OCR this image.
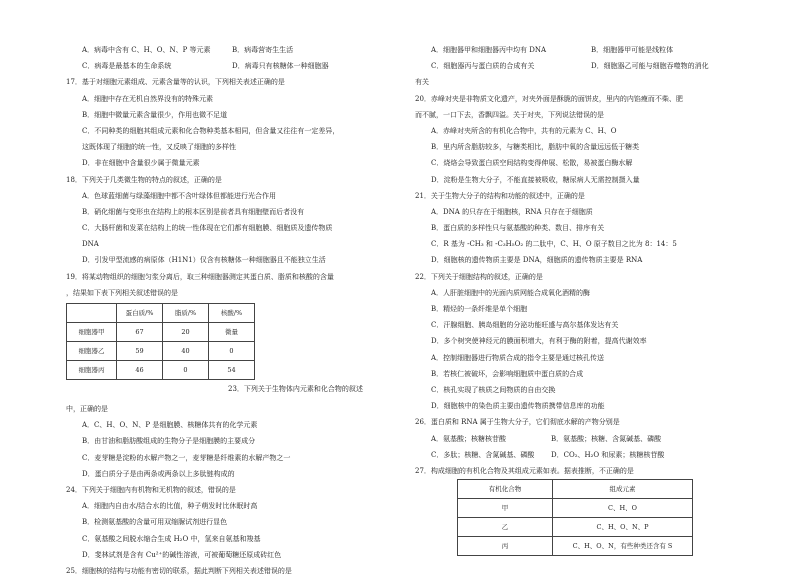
A．病毒中含有 C、H、O、N、P 等元素	B．病毒营寄生生活
C．病毒是最基本的生命系统	D．病毒只有核糖体一种细胞器
17．基于对细胞元素组成、元素含量等的认识，下列相关表述正确的是
A．细胞中存在无机自然界没有的特殊元素
B．细胞中微量元素含量很少，作用也微不足道
C．不同种类的细胞其组成元素和化合物种类基本相同，但含量又往往有一定差异，
这既体现了细胞的统一性，又反映了细胞的多样性
D．非在细胞中含量很少属于微量元素
18．下列关于几类微生物的特点的叙述，正确的是
A．色球蓝细菌与绿藻细胞中都不含叶绿体但都能进行光合作用
B．硝化细菌与变形虫在结构上的根本区别是前者具有细胞壁而后者没有
C．大肠杆菌和发菜在结构上的统一性体现在它们都有细胞膜、细胞质及遗传物质
DNA
D．引发甲型流感的病原体（H1N1）仅含有核糖体一种细胞器且不能独立生活
19．将某动物组织的细胞匀浆分离后，取三种细胞器测定其蛋白质、脂质和核酸的含量
，结果如下表下列相关叙述错误的是
	蛋白质/%	脂质/%	核酸/%
细胞器甲	67	20	微量
细胞器乙	59	40	0
细胞器丙	46	0	54
23．下列关于生物体内元素和化合物的叙述
中，正确的是
A．C、H、O、N、P 是细胞膜、核糖体共有的化学元素
B．由甘油和脂肪酸组成的生物分子是细胞膜的主要成分
C．麦芽糖是淀粉的水解产物之一，麦芽糖是纤维素的水解产物之一
D．蛋白质分子是由两条或两条以上多肽链构成的
24．下列关于细胞内有机物和无机物的叙述，错误的是
A．细胞内自由水/结合水的比值，种子萌发时比休眠时高
B．检测氨基酸的含量可用双缩脲试剂进行显色
C．氨基酸之间脱水缩合生成 H₂O 中，氢来自氨基和羧基
D．斐林试剂是含有 Cu²⁺的碱性溶液，可被葡萄糖还原成砖红色
25．细胞核的结构与功能有密切的联系，据此判断下列相关表述错误的是
A．细胞器甲和细胞器丙中均有 DNA	B．细胞器甲可能是线粒体
C．细胞器丙与蛋白质的合成有关	D．细胞器乙可能与细胞吞噬物的消化
有关
20．赤峰对夹是非物质文化遗产，对夹外面是酥脆的面饼皮，里内的内馅瘦而不柴、肥
而不腻，一口下去，香飘四溢。关于对夹，下列说法错误的是
A．赤峰对夹所含的有机化合物中，共有的元素为 C、H、O
B．里内所含脂肪较多，与糖类相比，脂肪中氧的含量远远低于糖类
C．烧烙会导致蛋白质空间结构变得伸展、松散，易被蛋白酶水解
D．淀粉是生物大分子，不能直接被吸收，糖尿病人无需控制摄入量
21．关于生物大分子的结构和功能的叙述中，正确的是
A．DNA 的只存在于细胞核，RNA 只存在于细胞质
B．蛋白质的多样性只与氨基酸的种类、数目、排序有关
C．R 基为 -CH₃ 和 -C₃H₅O₂ 的二肽中，C、H、O 原子数目之比为 8：14：5
D．细胞核的遗传物质主要是 DNA，细胞质的遗传物质主要是 RNA
22．下列关于细胞结构的叙述，正确的是
A．人肝脏细胞中的光面内质网能合成氧化酒精的酶
B．精烃的一条纤维是单个细胞
C．汗腺细胞、胰岛细胞的分泌功能旺盛与高尔基体发达有关
D．多个树突使神经元的膜面积增大，有利于酶的附着，提高代谢效率
A．控制细胞器进行物质合成的指令主要是通过核孔传送
B．若核仁被破坏，会影响细胞质中蛋白质的合成
C．核孔实现了核质之间物质的自由交换
D．细胞核中的染色质主要由遗传物质携带信息库的功能
26．蛋白质和 RNA 属于生物大分子，它们彻底水解的产物分别是
A．氨基酸；核糖核苷酸	B．氨基酸；核糖、含氮碱基、磷酸
C．多肽；核糖、含氮碱基、磷酸	D．CO₂、H₂O 和尿素；核糖核苷酸
27．构成细胞的有机化合物及其组成元素如表。据表推断，不正确的是
有机化合物	组成元素
甲	C、H、O
乙	C、H、O、N、P
丙	C、H、O、N，有些种类还含有 S
